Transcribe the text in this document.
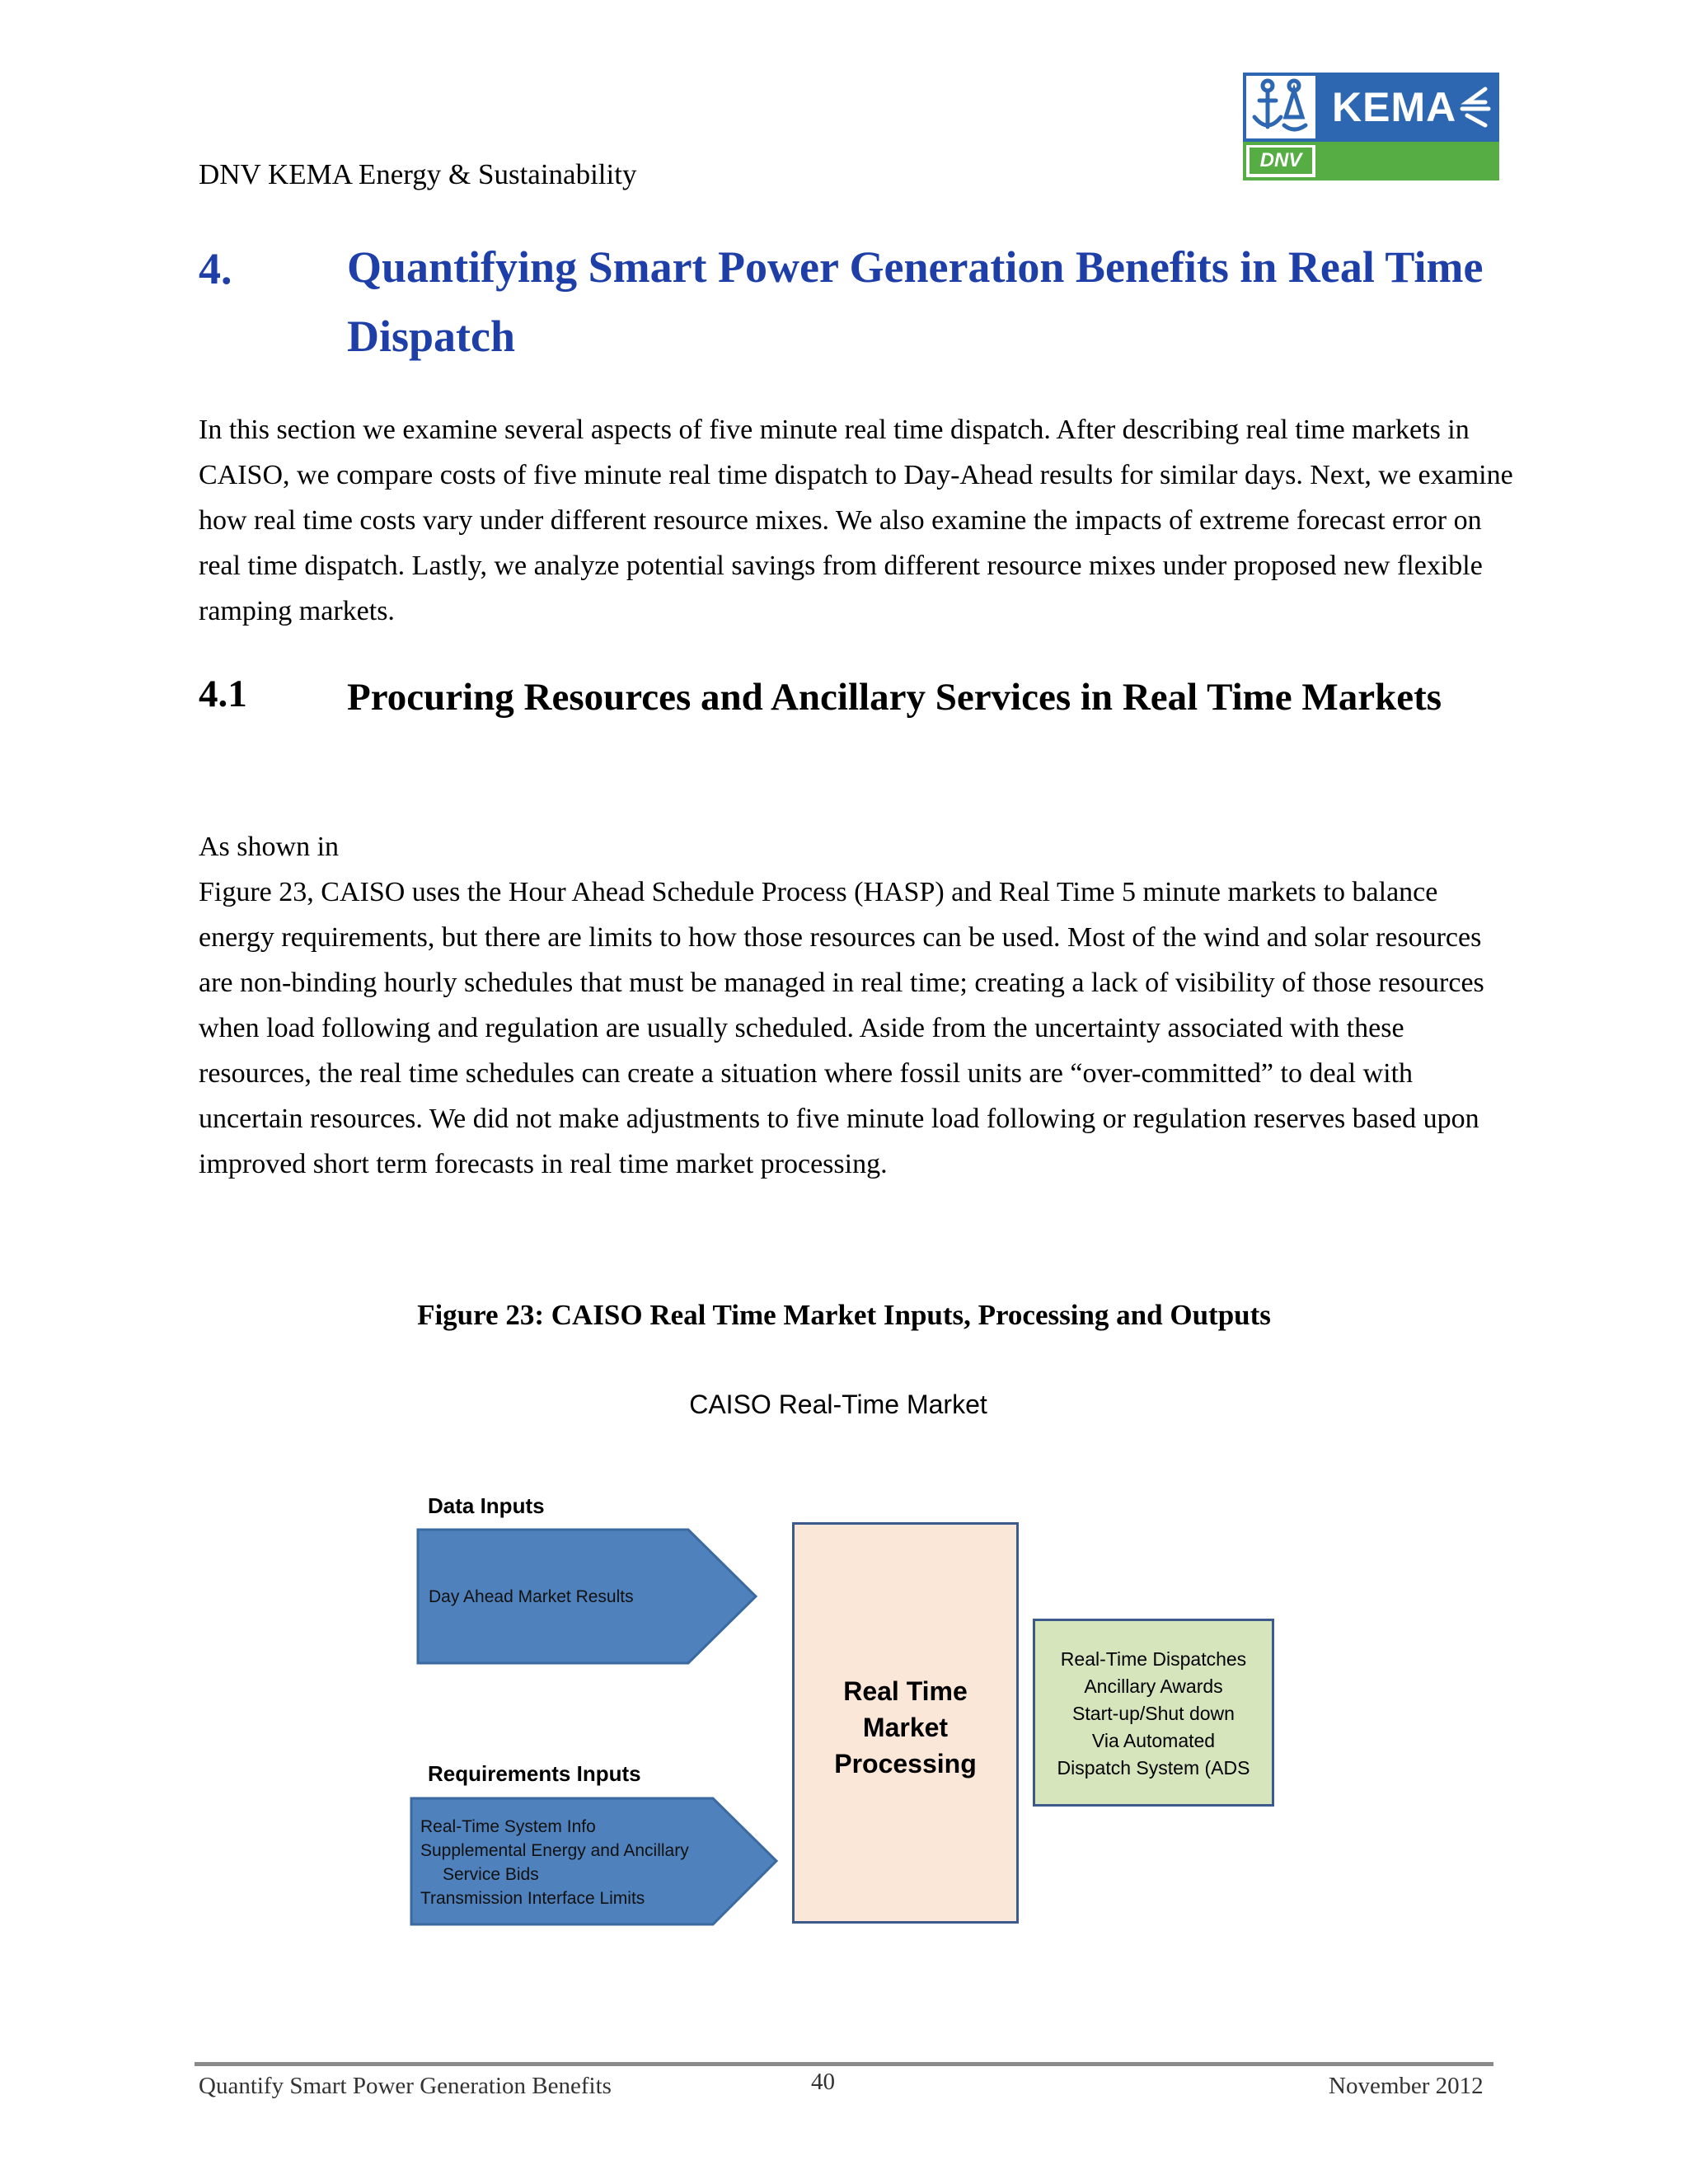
DNV KEMA Energy & Sustainability	DNV
KEMA
4.	Quantifying Smart Power Generation Benefits in Real Time Dispatch

In this section we examine several aspects of five minute real time dispatch. After describing real time markets in CAISO, we compare costs of five minute real time dispatch to Day-Ahead results for similar days. Next, we examine how real time costs vary under different resource mixes. We also examine the impacts of extreme forecast error on real time dispatch. Lastly, we analyze potential savings from different resource mixes under proposed new flexible ramping markets.

4.1	Procuring Resources and Ancillary Services in Real Time Markets

As shown in

Figure 23, CAISO uses the Hour Ahead Schedule Process (HASP) and Real Time 5 minute markets to balance energy requirements, but there are limits to how those resources can be used. Most of the wind and solar resources are non-binding hourly schedules that must be managed in real time; creating a lack of visibility of those resources when load following and regulation are usually scheduled. Aside from the uncertainty associated with these resources, the real time schedules can create a situation where fossil units are “over-committed” to deal with uncertain resources. We did not make adjustments to five minute load following or regulation reserves based upon improved short term forecasts in real time market processing.

Figure 23: CAISO Real Time Market Inputs, Processing and Outputs
CAISO Real-Time Market
Data Inputs
Day Ahead Market Results
Requirements Inputs
Real-Time System Info
Supplemental Energy and Ancillary
Service Bids
Transmission Interface Limits
Real Time
Market
Processing
Real-Time Dispatches
Ancillary Awards
Start-up/Shut down
Via Automated
Dispatch System (ADS
Quantify Smart Power Generation Benefits	40	November 2012
